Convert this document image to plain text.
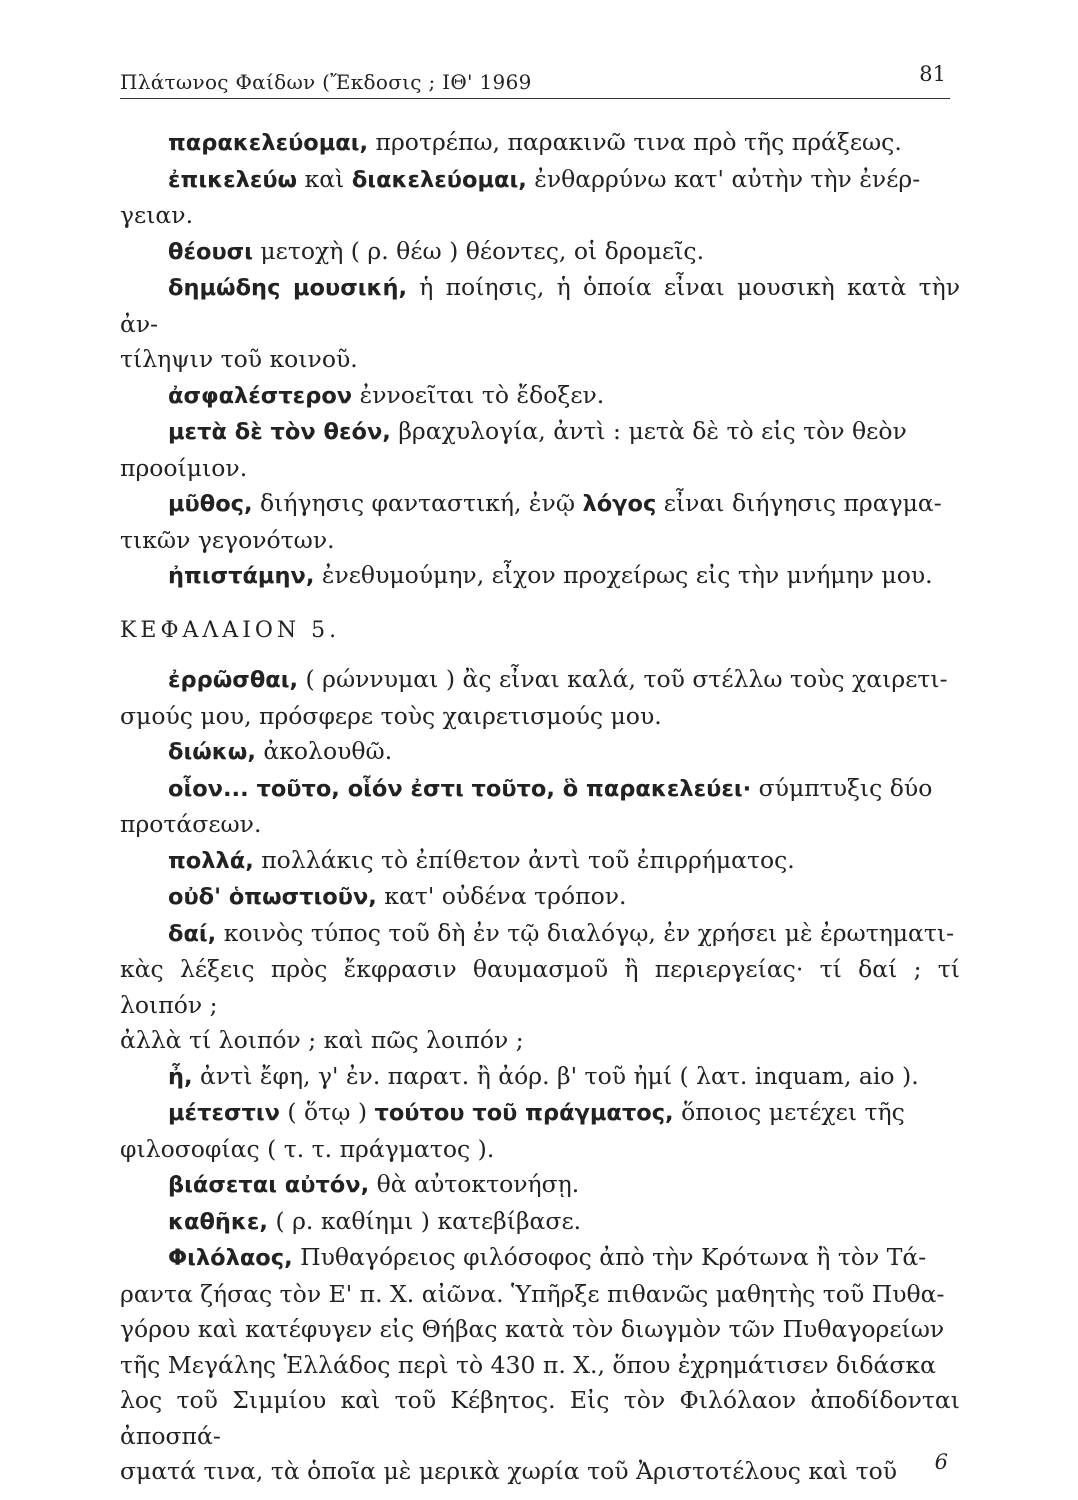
Πλάτωνος Φαίδων (Ἔκδοσις ; ΙΘ' 1969	81

παρακελεύομαι, προτρέπω, παρακινῶ τινα πρὸ τῆς πράξεως.

ἐπικελεύω καὶ διακελεύομαι, ἐνθαρρύνω κατ' αὐτὴν τὴν ἐνέρ-

γειαν.

θέουσι μετοχὴ ( ρ. θέω ) θέοντες, οἱ δρομεῖς.

δημώδης μουσική, ἡ ποίησις, ἡ ὁποία εἶναι μουσικὴ κατὰ τὴν ἀν-

τίληψιν τοῦ κοινοῦ.

ἀσφαλέστερον ἐννοεῖται τὸ ἔδοξεν.

μετὰ δὲ τὸν θεόν, βραχυλογία, ἀντὶ : μετὰ δὲ τὸ εἰς τὸν θεὸν

προοίμιον.

μῦθος, διήγησις φανταστική, ἐνῷ λόγος εἶναι διήγησις πραγμα-

τικῶν γεγονότων.

ἠπιστάμην, ἐνεθυμούμην, εἶχον προχείρως εἰς τὴν μνήμην μου.

ΚΕΦΑΛΑΙΟΝ 5.

ἐρρῶσθαι, ( ρώννυμαι ) ἂς εἶναι καλά, τοῦ στέλλω τοὺς χαιρετι-

σμούς μου, πρόσφερε τοὺς χαιρετισμούς μου.

διώκω, ἀκολουθῶ.

οἷον... τοῦτο, οἷόν ἐστι τοῦτο, ὃ παρακελεύει· σύμπτυξις δύο

προτάσεων.

πολλά, πολλάκις τὸ ἐπίθετον ἀντὶ τοῦ ἐπιρρήματος.

οὐδ' ὁπωστιοῦν, κατ' οὐδένα τρόπον.

δαί, κοινὸς τύπος τοῦ δὴ ἐν τῷ διαλόγῳ, ἐν χρήσει μὲ ἐρωτηματι-

κὰς λέξεις πρὸς ἔκφρασιν θαυμασμοῦ ἢ περιεργείας· τί δαί ; τί λοιπόν ;

ἀλλὰ τί λοιπόν ; καὶ πῶς λοιπόν ;

ἦ, ἀντὶ ἔφη, γ' ἐν. παρατ. ἢ ἀόρ. β' τοῦ ἠμί ( λατ. inquam, aio ).

μέτεστιν ( ὅτῳ ) τούτου τοῦ πράγματος, ὅποιος μετέχει τῆς

φιλοσοφίας ( τ. τ. πράγματος ).

βιάσεται αὐτόν, θὰ αὐτοκτονήσῃ.

καθῆκε, ( ρ. καθίημι ) κατεβίβασε.

Φιλόλαος, Πυθαγόρειος φιλόσοφος ἀπὸ τὴν Κρότωνα ἢ τὸν Τά-

ραντα ζήσας τὸν Ε' π. Χ. αἰῶνα. Ὑπῆρξε πιθανῶς μαθητὴς τοῦ Πυθα-

γόρου καὶ κατέφυγεν εἰς Θήβας κατὰ τὸν διωγμὸν τῶν Πυθαγορείων

τῆς Μεγάλης Ἑλλάδος περὶ τὸ 430 π. Χ., ὅπου ἐχρημάτισεν διδάσκα

λος τοῦ Σιμμίου καὶ τοῦ Κέβητος. Εἰς τὸν Φιλόλαον ἀποδίδονται ἀποσπά-

σματά τινα, τὰ ὁποῖα μὲ μερικὰ χωρία τοῦ Ἀριστοτέλους καὶ τοῦ	6
